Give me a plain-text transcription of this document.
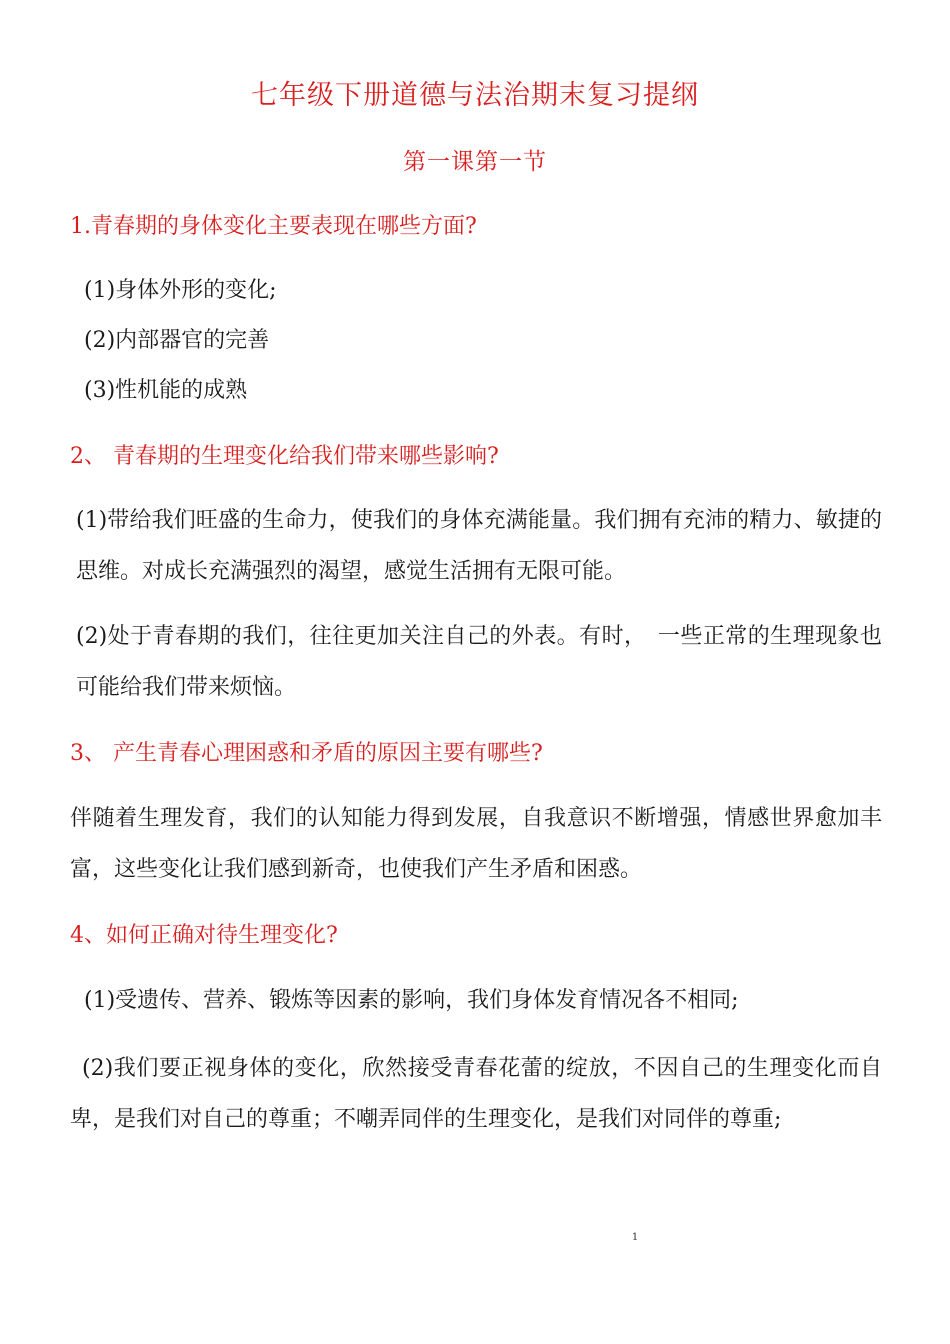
七年级下册道德与法治期末复习提纲
第一课第一节
1.青春期的身体变化主要表现在哪些方面?
(1)身体外形的变化;
(2)内部器官的完善
(3)性机能的成熟
2、 青春期的生理变化给我们带来哪些影响?
(1)带给我们旺盛的生命力，使我们的身体充满能量。我们拥有充沛的精力、敏捷的思维。对成长充满强烈的渴望，感觉生活拥有无限可能。
(2)处于青春期的我们，往往更加关注自己的外表。有时，　一些正常的生理现象也可能给我们带来烦恼。
3、 产生青春心理困惑和矛盾的原因主要有哪些?
伴随着生理发育，我们的认知能力得到发展，自我意识不断增强，情感世界愈加丰富，这些变化让我们感到新奇，也使我们产生矛盾和困惑。
4、如何正确对待生理变化?
(1)受遗传、营养、锻炼等因素的影响，我们身体发育情况各不相同;
(2)我们要正视身体的变化，欣然接受青春花蕾的绽放，不因自己的生理变化而自卑，是我们对自己的尊重；不嘲弄同伴的生理变化，是我们对同伴的尊重;
1
